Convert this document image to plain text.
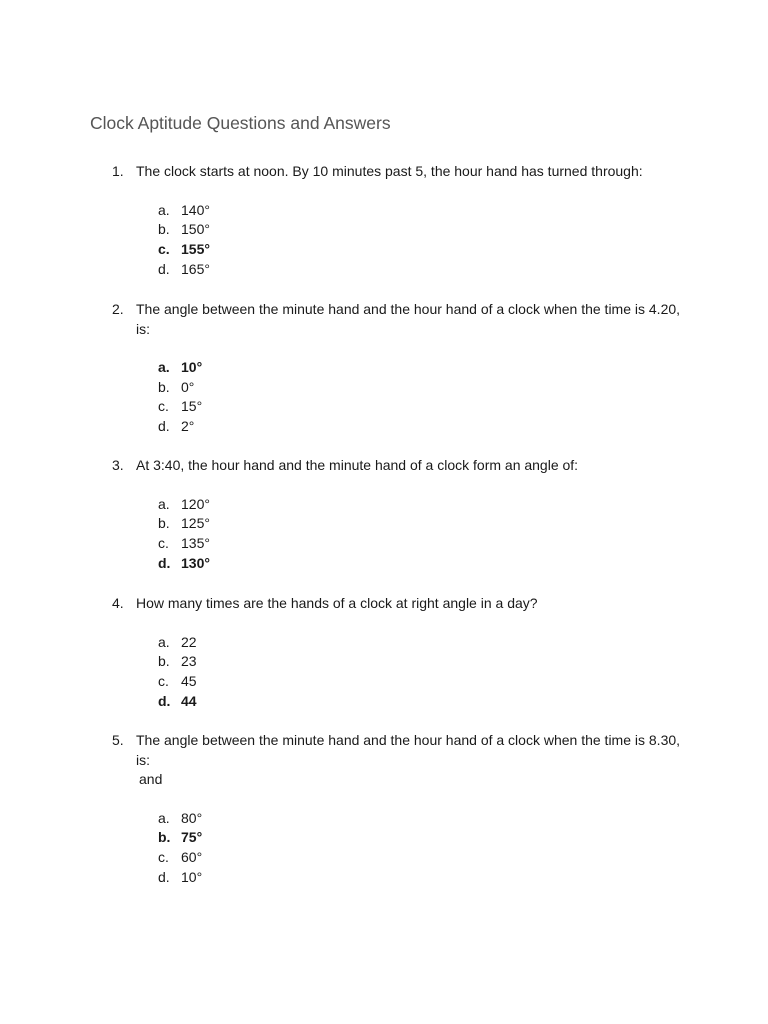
Clock Aptitude Questions and Answers
1. The clock starts at noon. By 10 minutes past 5, the hour hand has turned through:
a. 140°
b. 150°
c. 155°
d. 165°
2. The angle between the minute hand and the hour hand of a clock when the time is 4.20, is:
a. 10°
b. 0°
c. 15°
d. 2°
3. At 3:40, the hour hand and the minute hand of a clock form an angle of:
a. 120°
b. 125°
c. 135°
d. 130°
4. How many times are the hands of a clock at right angle in a day?
a. 22
b. 23
c. 45
d. 44
5. The angle between the minute hand and the hour hand of a clock when the time is 8.30, is:
and
a. 80°
b. 75°
c. 60°
d. 10°
